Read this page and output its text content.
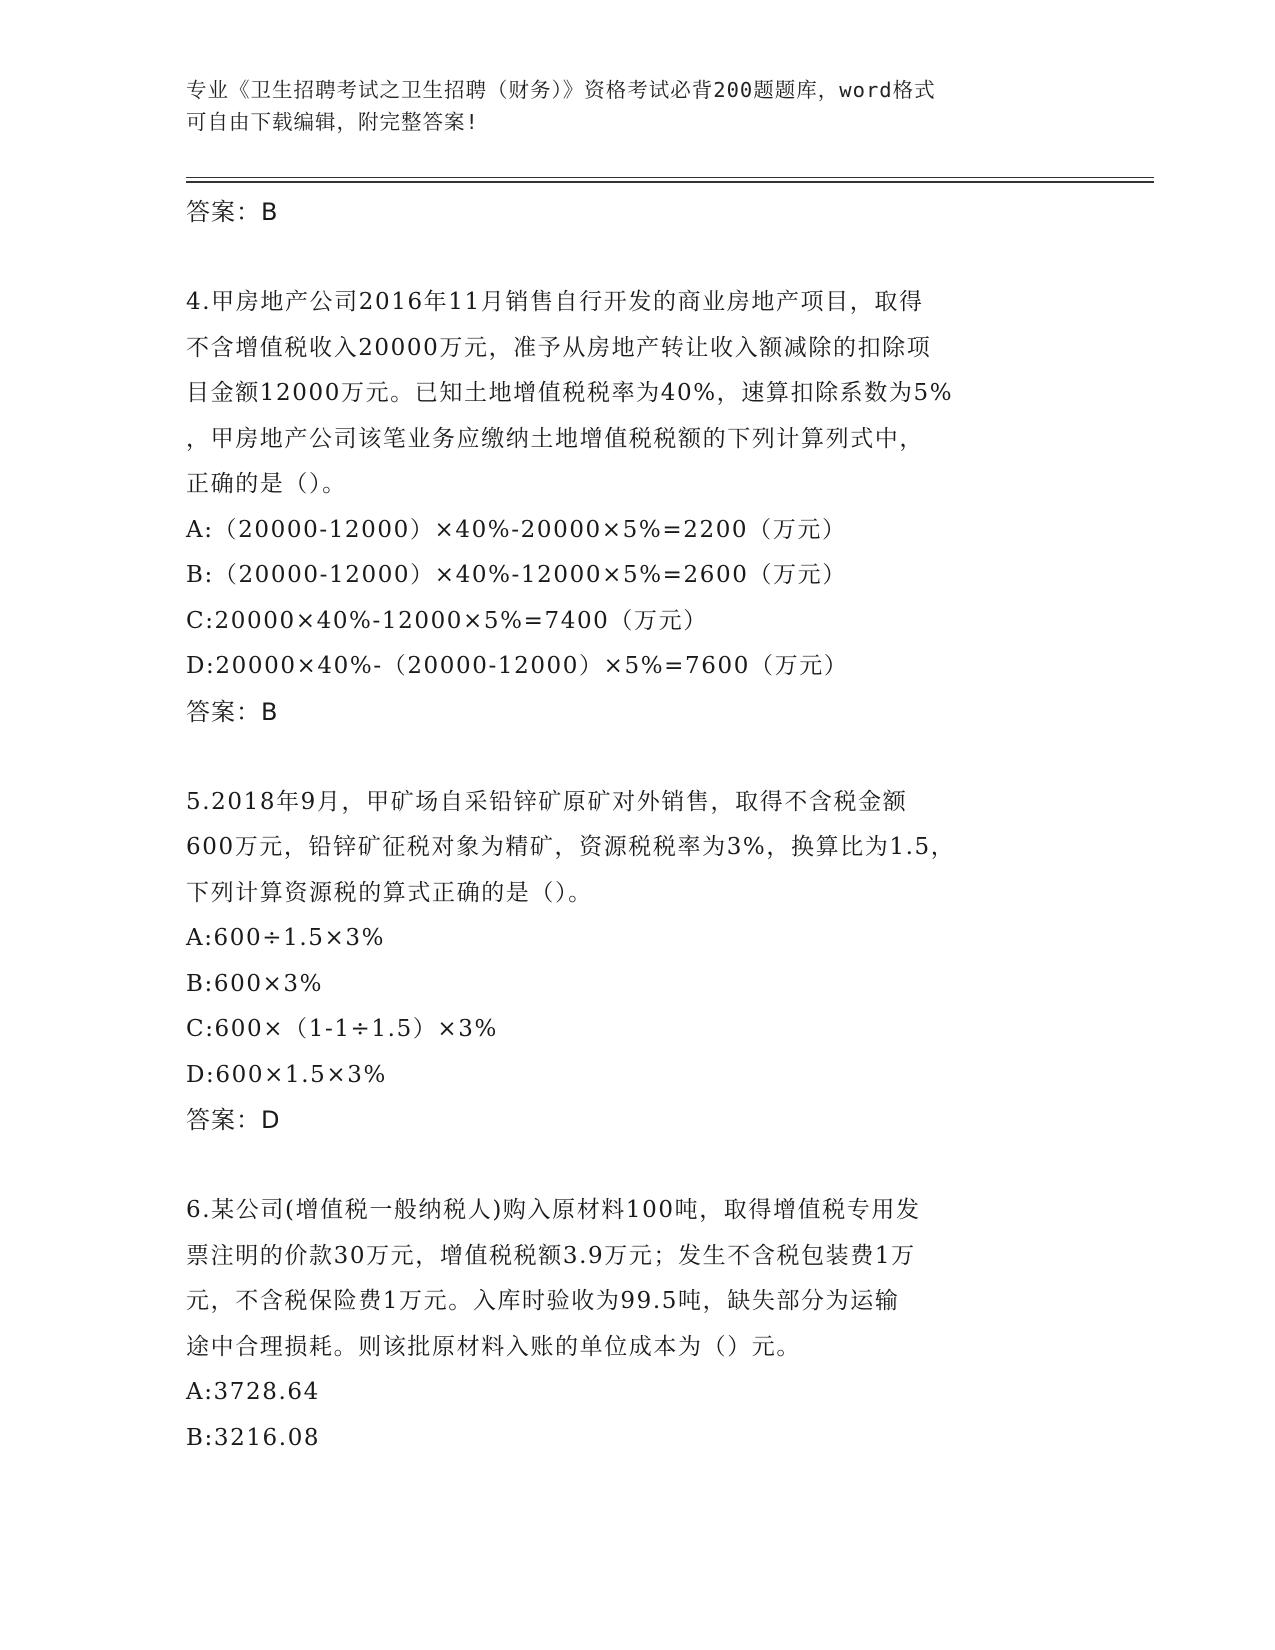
专业《卫生招聘考试之卫生招聘（财务）》资格考试必背200题题库，word格式
可自由下载编辑，附完整答案!
答案：B
4.甲房地产公司2016年11月销售自行开发的商业房地产项目，取得
不含增值税收入20000万元，准予从房地产转让收入额减除的扣除项
目金额12000万元。已知土地增值税税率为40%，速算扣除系数为5%
，甲房地产公司该笔业务应缴纳土地增值税税额的下列计算列式中，
正确的是（）。
A:（20000-12000）×40%-20000×5%=2200（万元）
B:（20000-12000）×40%-12000×5%=2600（万元）
C:20000×40%-12000×5%=7400（万元）
D:20000×40%-（20000-12000）×5%=7600（万元）
答案：B
5.2018年9月，甲矿场自采铅锌矿原矿对外销售，取得不含税金额
600万元，铅锌矿征税对象为精矿，资源税税率为3%，换算比为1.5，
下列计算资源税的算式正确的是（）。
A:600÷1.5×3%
B:600×3%
C:600×（1-1÷1.5）×3%
D:600×1.5×3%
答案：D
6.某公司(增值税一般纳税人)购入原材料100吨，取得增值税专用发
票注明的价款30万元，增值税税额3.9万元；发生不含税包装费1万
元，不含税保险费1万元。入库时验收为99.5吨，缺失部分为运输
途中合理损耗。则该批原材料入账的单位成本为（）元。
A:3728.64
B:3216.08
